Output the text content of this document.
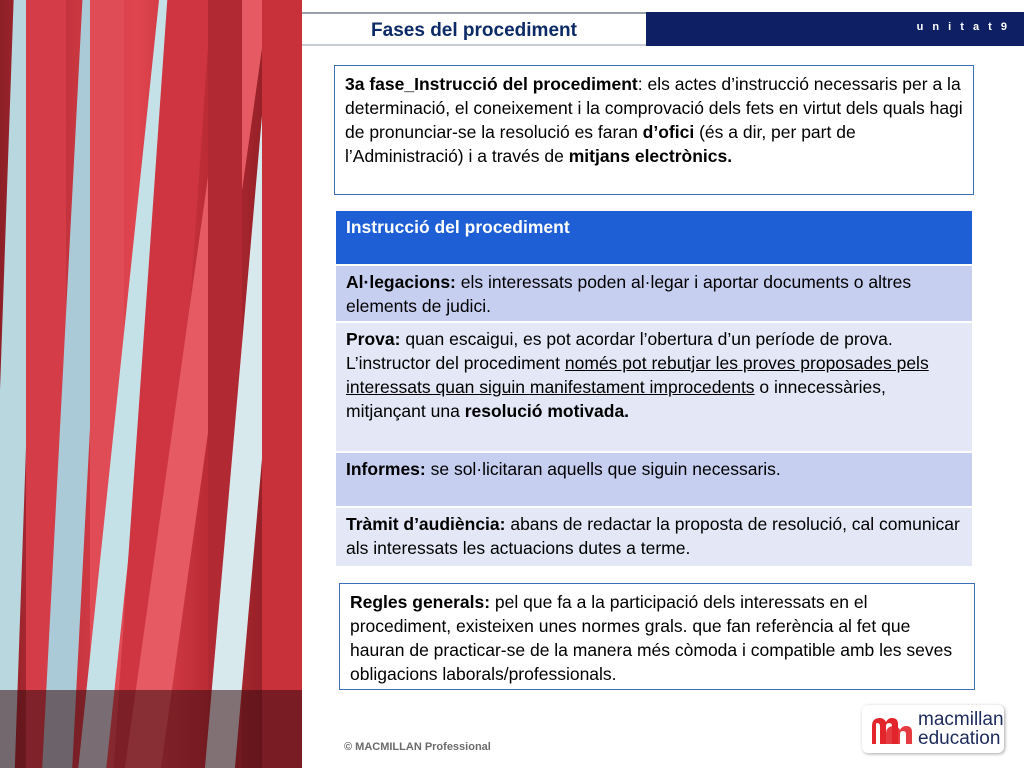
Fases del procediment	u n i t a t 9
3a fase_Instrucció del procediment: els actes d’instrucció necessaris per a la determinació, el coneixement i la comprovació dels fets en virtut dels quals hagi de pronunciar-se la resolució es faran d’ofici (és a dir, per part de l’Administració) i a través de mitjans electrònics.
Instrucció del procediment
Al·legacions: els interessats poden al·legar i aportar documents o altres elements de judici.
Prova: quan escaigui, es pot acordar l’obertura d’un període de prova.
L’instructor del procediment només pot rebutjar les proves proposades pels interessats quan siguin manifestament improcedents o innecessàries, mitjançant una resolució motivada.
Informes: se sol·licitaran aquells que siguin necessaris.
Tràmit d’audiència: abans de redactar la proposta de resolució, cal comunicar als interessats les actuacions dutes a terme.
Regles generals: pel que fa a la participació dels interessats en el procediment, existeixen unes normes grals. que fan referència al fet que hauran de practicar-se de la manera més còmoda i compatible amb les seves obligacions laborals/professionals.
© MACMILLAN Professional
macmillan
education
